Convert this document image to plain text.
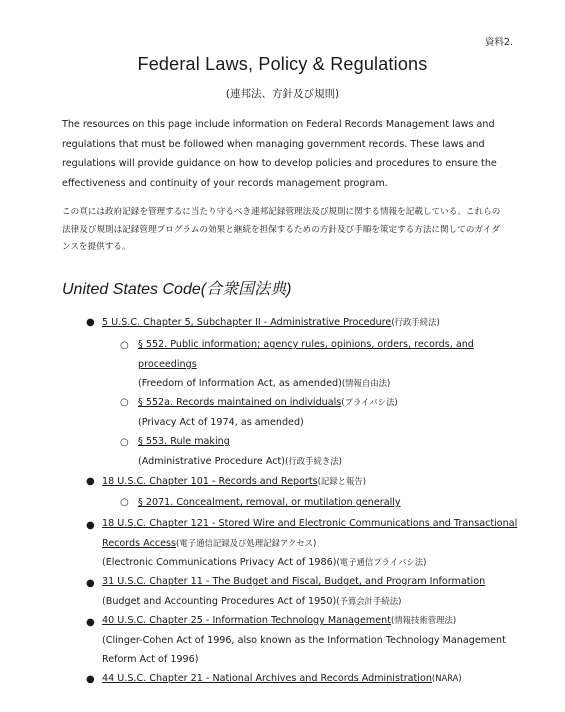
資料2.
Federal Laws, Policy & Regulations
(連邦法、方針及び規則)
The resources on this page include information on Federal Records Management laws and regulations that must be followed when managing government records. These laws and regulations will provide guidance on how to develop policies and procedures to ensure the effectiveness and continuity of your records management program.
この頁には政府記録を管理するに当たり守るべき連邦記録管理法及び規則に関する情報を記載している。これらの法律及び規則は記録管理プログラムの効果と継続を担保するための方針及び手順を策定する方法に関してのガイダンスを提供する。
United States Code(合衆国法典)
● 5 U.S.C. Chapter 5, Subchapter II - Administrative Procedure(行政手続法)
○ § 552. Public information; agency rules, opinions, orders, records, and
proceedings
(Freedom of Information Act, as amended)(情報自由法)
○ § 552a. Records maintained on individuals(プライバシ法)
(Privacy Act of 1974, as amended)
○ § 553. Rule making
(Administrative Procedure Act)(行政手続き法)
● 18 U.S.C. Chapter 101 - Records and Reports(記録と報告)
○ § 2071. Concealment, removal, or mutilation generally
● 18 U.S.C. Chapter 121 - Stored Wire and Electronic Communications and Transactional
Records Access(電子通信記録及び処理記録アクセス)
(Electronic Communications Privacy Act of 1986)(電子通信プライバシ法)
● 31 U.S.C. Chapter 11 - The Budget and Fiscal, Budget, and Program Information
(Budget and Accounting Procedures Act of 1950)(予算会計手続法)
● 40 U.S.C. Chapter 25 - Information Technology Management(情報技術管理法)
(Clinger-Cohen Act of 1996, also known as the Information Technology Management
Reform Act of 1996)
● 44 U.S.C. Chapter 21 - National Archives and Records Administration(NARA)
